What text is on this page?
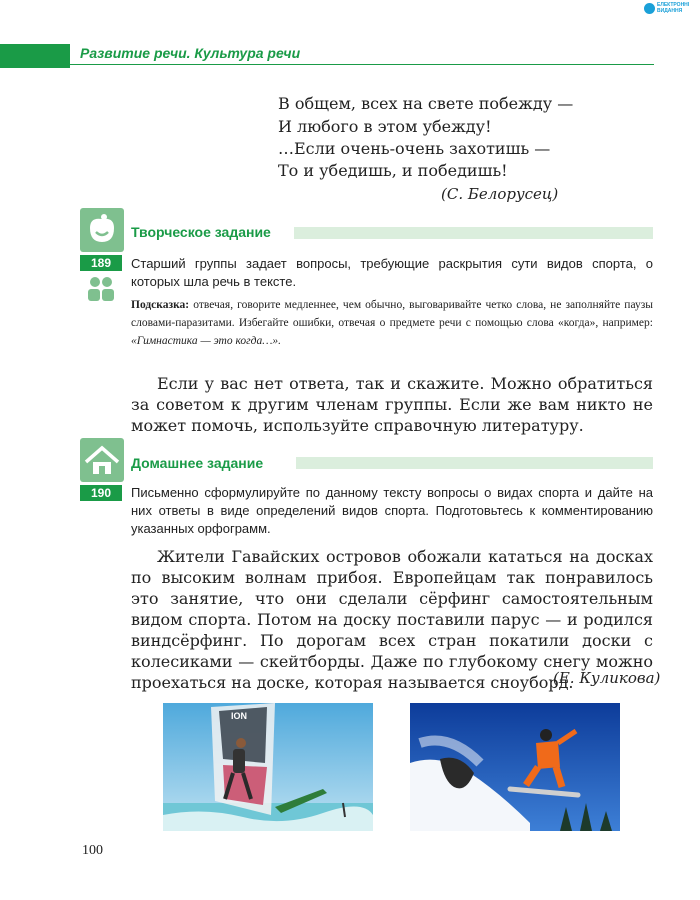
ЕЛЕКТРОННІ
ВИДАННЯ
Развитие речи. Культура речи
В общем, всех на свете побежду —
И любого в этом убежду!
…Если очень-очень захотишь —
То и убедишь, и победишь!
(С. Белорусец)
Творческое задание
189	Старший группы задает вопросы, требующие раскрытия сути видов спорта, о которых шла речь в тексте.
Подсказка: отвечая, говорите медленнее, чем обычно, выговаривайте четко слова, не заполняйте паузы словами-паразитами. Избегайте ошибки, отвечая о предмете речи с помощью слова «когда», например: «Гимнастика — это когда…».
Если у вас нет ответа, так и скажите. Можно обратиться за советом к другим членам группы. Если же вам никто не может помочь, используйте справочную литературу.
Домашнее задание
190	Письменно сформулируйте по данному тексту вопросы о видах спорта и дайте на них ответы в виде определений видов спорта. Подготовьтесь к комментированию указанных орфограмм.
Жители Гавайских островов обожали кататься на досках по высоким волнам прибоя. Европейцам так понравилось это занятие, что они сделали сёрфинг самостоятельным видом спорта. Потом на доску поставили парус — и родился виндсёрфинг. По дорогам всех стран покатили доски с колесиками — скейтборды. Даже по глубокому снегу можно проехаться на доске, которая называется сноуборд.
(Е. Куликова)
ION
100
